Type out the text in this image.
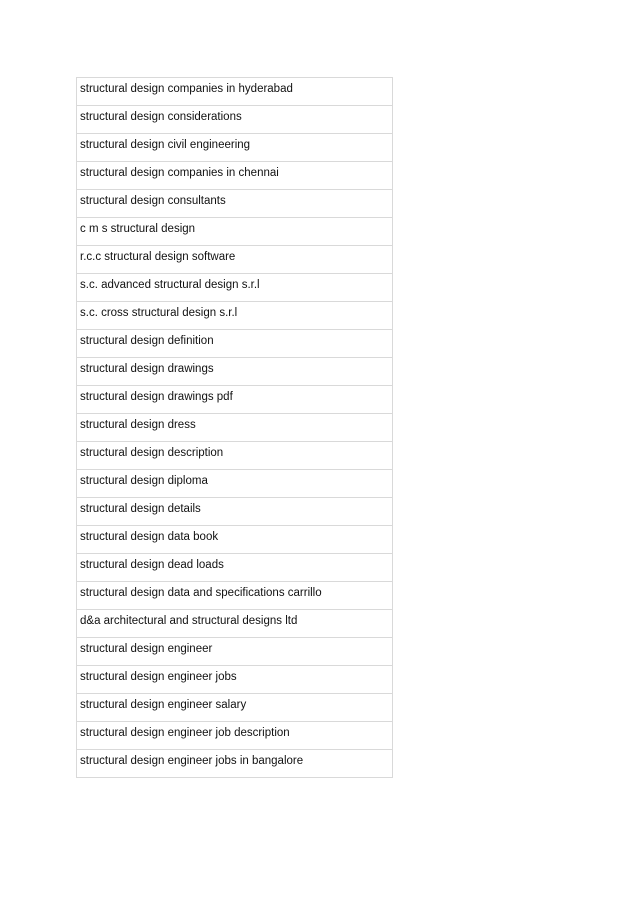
structural design companies in hyderabad
structural design considerations
structural design civil engineering
structural design companies in chennai
structural design consultants
c m s structural design
r.c.c structural design software
s.c. advanced structural design s.r.l
s.c. cross structural design s.r.l
structural design definition
structural design drawings
structural design drawings pdf
structural design dress
structural design description
structural design diploma
structural design details
structural design data book
structural design dead loads
structural design data and specifications carrillo
d&a architectural and structural designs ltd
structural design engineer
structural design engineer jobs
structural design engineer salary
structural design engineer job description
structural design engineer jobs in bangalore
